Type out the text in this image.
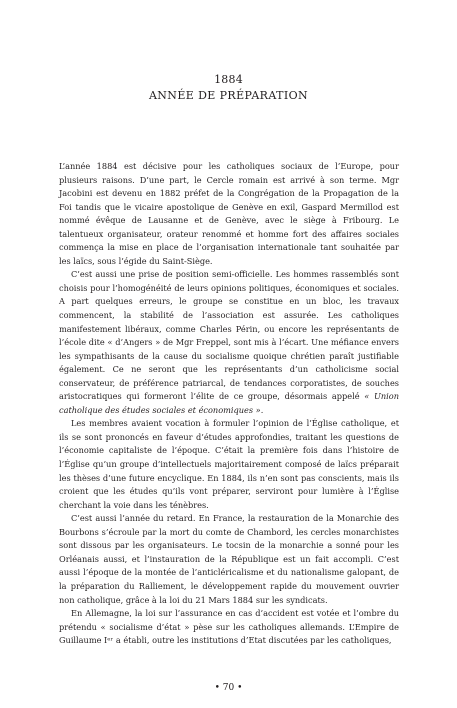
1884
ANNÉE DE PRÉPARATION

L’année 1884 est décisive pour les catholiques sociaux de l’Europe, pour plusieurs raisons. D’une part, le Cercle romain est arrivé à son terme. Mgr Jacobini est devenu en 1882 préfet de la Congrégation de la Propagation de la Foi tandis que le vicaire apostolique de Genève en exil, Gaspard Mermillod est nommé évêque de Lausanne et de Genève, avec le siège à Fribourg. Le talentueux organisateur, orateur renommé et homme fort des affaires sociales commença la mise en place de l’organisation internationale tant souhaitée par les laïcs, sous l’égide du Saint-Siège.

C’est aussi une prise de position semi-officielle. Les hommes rassemblés sont choisis pour l’homogénéité de leurs opinions politiques, économiques et sociales. A part quelques erreurs, le groupe se constitue en un bloc, les travaux commencent, la stabilité de l’association est assurée. Les catholiques manifestement libéraux, comme Charles Périn, ou encore les représentants de l’école dite « d’Angers » de Mgr Freppel, sont mis à l’écart. Une méfiance envers les sympathisants de la cause du socialisme quoique chrétien paraît justifiable également. Ce ne seront que les représentants d’un catholicisme social conservateur, de préférence patriarcal, de tendances corporatistes, de souches aristocratiques qui formeront l’élite de ce groupe, désormais appelé « Union catholique des études sociales et économiques ».

Les membres avaient vocation à formuler l’opinion de l’Église catholique, et ils se sont prononcés en faveur d’études approfondies, traitant les questions de l’économie capitaliste de l’époque. C’était la première fois dans l’histoire de l’Église qu’un groupe d’intellectuels majoritairement composé de laïcs préparait les thèses d’une future encyclique. En 1884, ils n’en sont pas conscients, mais ils croient que les études qu’ils vont préparer, serviront pour lumière à l’Église cherchant la voie dans les ténèbres.

C’est aussi l’année du retard. En France, la restauration de la Monarchie des Bourbons s’écroule par la mort du comte de Chambord, les cercles monarchistes sont dissous par les organisateurs. Le tocsin de la monarchie a sonné pour les Orléanais aussi, et l’instauration de la République est un fait accompli. C’est aussi l’époque de la montée de l’anticléricalisme et du nationalisme galopant, de la préparation du Ralliement, le développement rapide du mouvement ouvrier non catholique, grâce à la loi du 21 Mars 1884 sur les syndicats.

En Allemagne, la loi sur l’assurance en cas d’accident est votée et l’ombre du prétendu « socialisme d’état » pèse sur les catholiques allemands. L’Empire de Guillaume Iᵉʳ a établi, outre les institutions d’Etat discutées par les catholiques,

• 70 •
